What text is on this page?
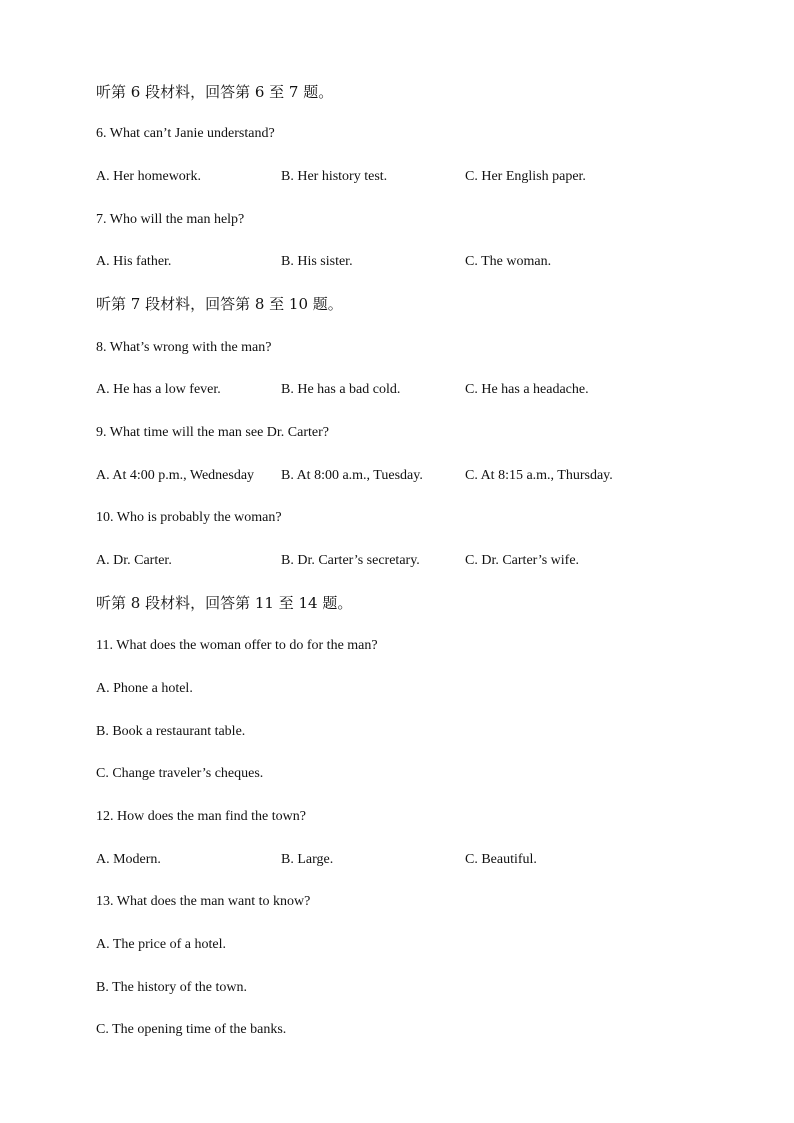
听第 6 段材料，回答第 6 至 7 题。
6. What can’t Janie understand?
A. Her homework.	B. Her history test.	C. Her English paper.
7. Who will the man help?
A. His father.	B. His sister.	C. The woman.
听第 7 段材料，回答第 8 至 10 题。
8. What’s wrong with the man?
A. He has a low fever.	B. He has a bad cold.	C. He has a headache.
9. What time will the man see Dr. Carter?
A. At 4:00 p.m., Wednesday B. At 8:00 a.m., Tuesday.	C. At 8:15 a.m., Thursday.
10. Who is probably the woman?
A. Dr. Carter.	B. Dr. Carter’s secretary.	C. Dr. Carter’s wife.
听第 8 段材料，回答第 11 至 14 题。
11. What does the woman offer to do for the man?
A. Phone a hotel.
B. Book a restaurant table.
C. Change traveler’s cheques.
12. How does the man find the town?
A. Modern.	B. Large.	C. Beautiful.
13. What does the man want to know?
A. The price of a hotel.
B. The history of the town.
C. The opening time of the banks.
